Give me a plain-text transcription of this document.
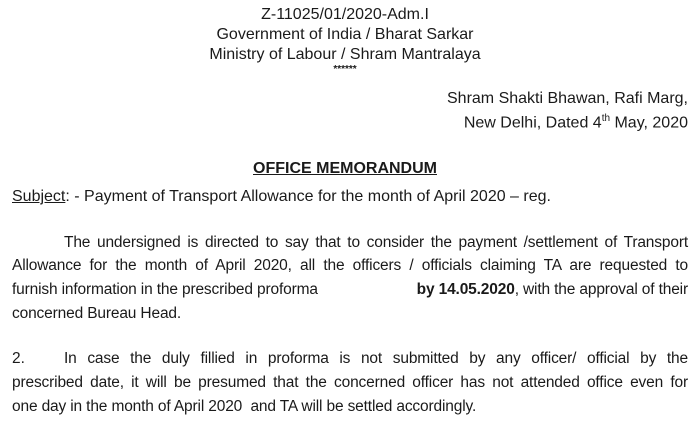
Z-11025/01/2020-Adm.I
Government of India / Bharat Sarkar
Ministry of Labour / Shram Mantralaya
******
Shram Shakti Bhawan, Rafi Marg,
New Delhi, Dated 4th May, 2020
OFFICE MEMORANDUM
Subject: - Payment of Transport Allowance for the month of April 2020 – reg.
The undersigned is directed to say that to consider the payment /settlement of Transport
Allowance for the month of April 2020, all the officers / officials claiming TA are requested to
furnish information in the prescribed proforma	by 14.05.2020, with the approval of their
concerned Bureau Head.
2.	In case the duly fillied in proforma is not submitted by any officer/ official by the
prescribed date, it will be presumed that the concerned officer has not attended office even for
one day in the month of April 2020  and TA will be settled accordingly.
